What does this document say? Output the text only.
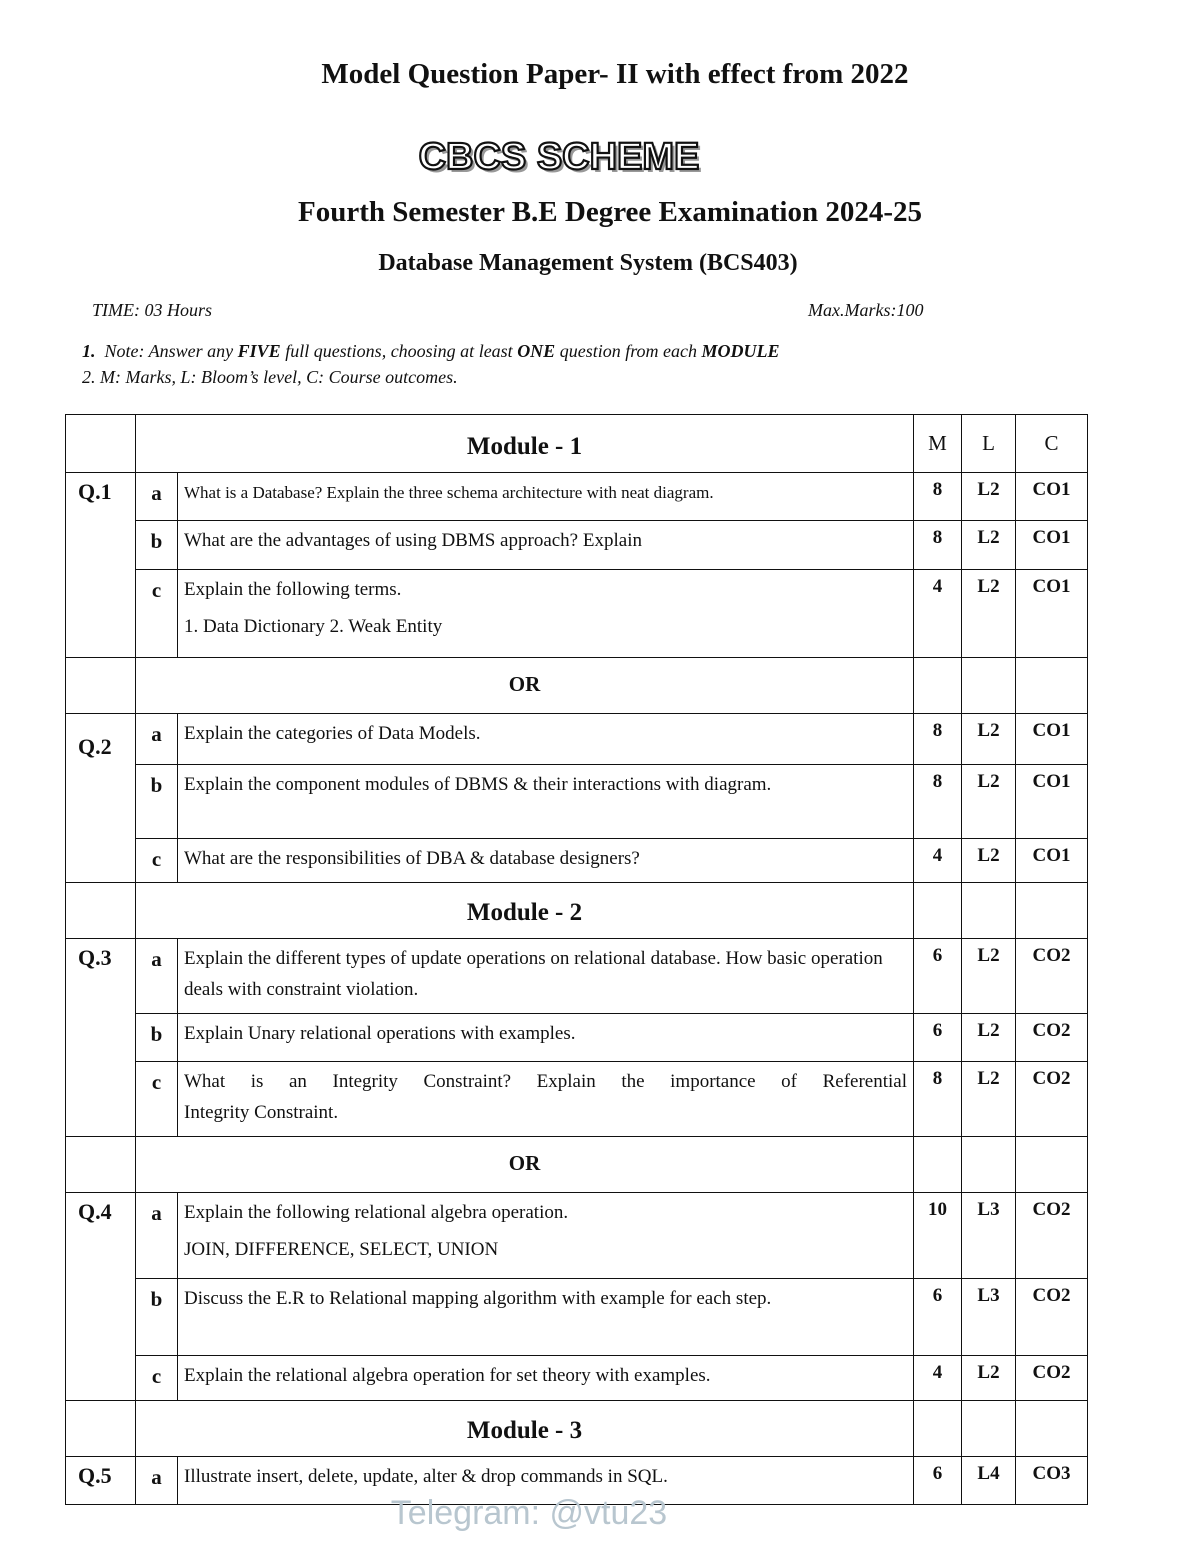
Model Question Paper- II with effect from 2022
CBCS SCHEME
Fourth Semester B.E Degree Examination 2024-25
Database Management System (BCS403)
TIME: 03 Hours	Max.Marks:100
1. Note: Answer any FIVE full questions, choosing at least ONE question from each MODULE
2. M: Marks, L: Bloom’s level, C: Course outcomes.
	Module - 1		M	L	C
Q.1	a	What is a Database? Explain the three schema architecture with neat diagram.	8	L2	CO1
	b	What are the advantages of using DBMS approach? Explain	8	L2	CO1
	c	Explain the following terms.
1. Data Dictionary 2. Weak Entity	4	L2	CO1
	OR				
Q.2	a	Explain the categories of Data Models.	8	L2	CO1
	b	Explain the component modules of DBMS & their interactions with diagram.	8	L2	CO1
	c	What are the responsibilities of DBA & database designers?	4	L2	CO1
	Module - 2				
Q.3	a	Explain the different types of update operations on relational database. How basic operation deals with constraint violation.	6	L2	CO2
	b	Explain Unary relational operations with examples.	6	L2	CO2
	c	What is an Integrity Constraint? Explain the importance of Referential
Integrity Constraint.	8	L2	CO2
	OR				
Q.4	a	Explain the following relational algebra operation.
JOIN, DIFFERENCE, SELECT, UNION	10	L3	CO2
	b	Discuss the E.R to Relational mapping algorithm with example for each step.	6	L3	CO2
	c	Explain the relational algebra operation for set theory with examples.	4	L2	CO2
	Module - 3				
Q.5	a	Illustrate insert, delete, update, alter & drop commands in SQL.	6	L4	CO3
Telegram: @vtu23
